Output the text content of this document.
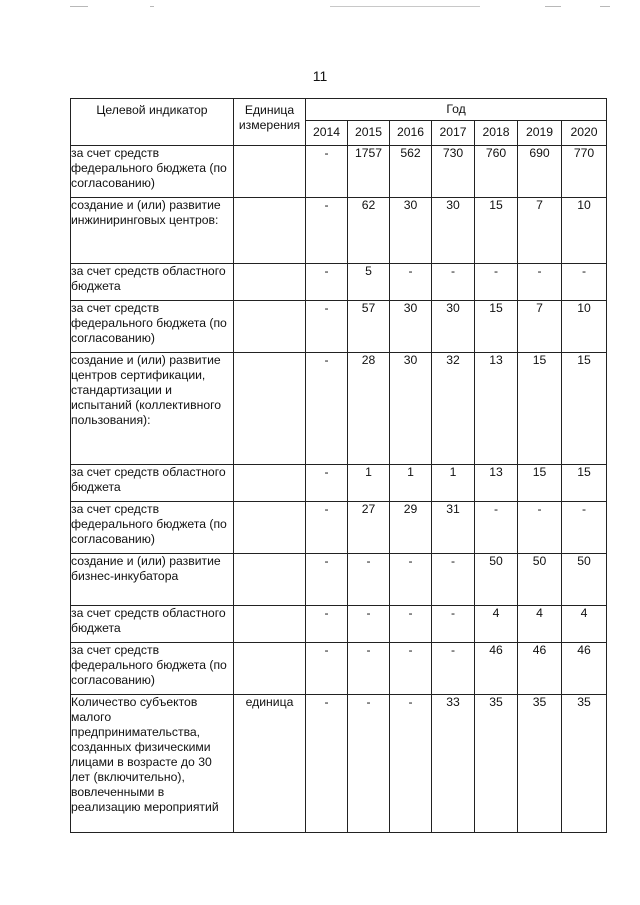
11
Целевой индикатор	Единица измерения	Год						
		2014	2015	2016	2017	2018	2019	2020
за счет средств федерального бюджета (по согласованию)		-	1757	562	730	760	690	770
создание и (или) развитие инжиниринговых центров:		-	62	30	30	15	7	10
за счет средств областного бюджета		-	5	-	-	-	-	-
за счет средств федерального бюджета (по согласованию)		-	57	30	30	15	7	10
создание и (или) развитие центров сертификации, стандартизации и испытаний (коллективного пользования):		-	28	30	32	13	15	15
за счет средств областного бюджета		-	1	1	1	13	15	15
за счет средств федерального бюджета (по согласованию)		-	27	29	31	-	-	-
создание и (или) развитие бизнес-инкубатора		-	-	-	-	50	50	50
за счет средств областного бюджета		-	-	-	-	4	4	4
за счет средств федерального бюджета (по согласованию)		-	-	-	-	46	46	46
Количество субъектов малого предпринимательства, созданных физическими лицами в возрасте до 30 лет (включительно), вовлеченными в реализацию мероприятий	единица	-	-	-	33	35	35	35
